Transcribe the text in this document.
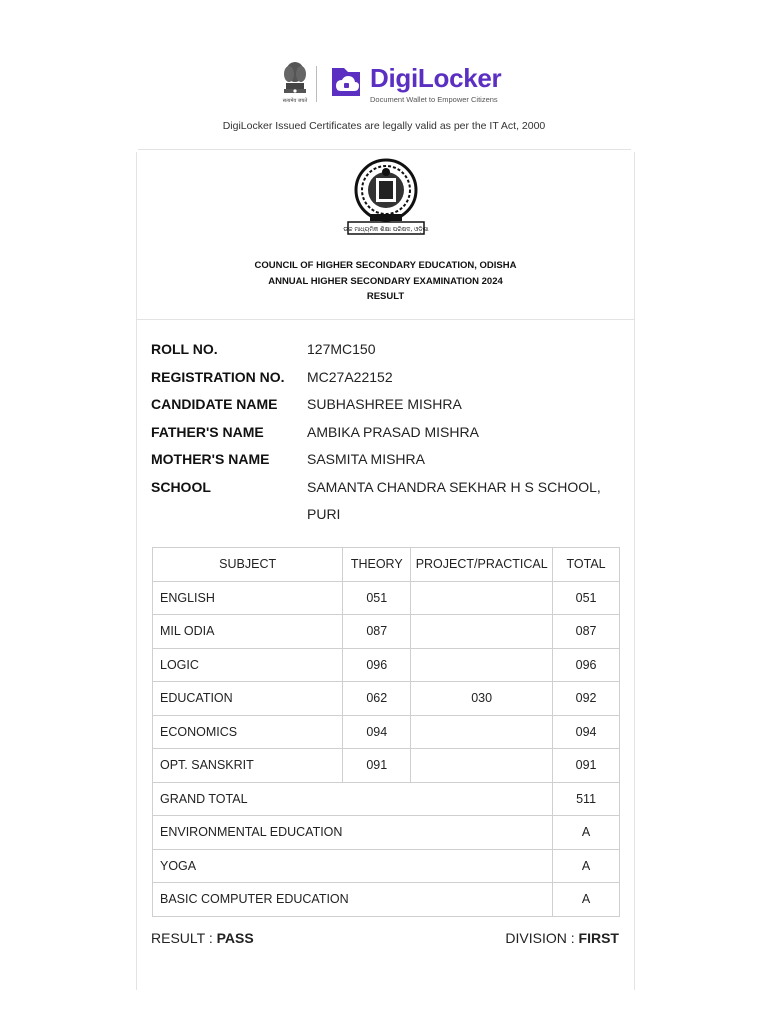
सत्यमेव जयते
DigiLocker
Document Wallet to Empower Citizens
DigiLocker Issued Certificates are legally valid as per the IT Act, 2000
ଉଚ୍ଚ ମାଧ୍ୟମିକ ଶିକ୍ଷା ପରିଷଦ, ଓଡ଼ିଶା
COUNCIL OF HIGHER SECONDARY EDUCATION, ODISHA
ANNUAL HIGHER SECONDARY EXAMINATION 2024
RESULT
ROLL NO.	127MC150
REGISTRATION NO.	MC27A22152
CANDIDATE NAME	SUBHASHREE MISHRA
FATHER'S NAME	AMBIKA PRASAD MISHRA
MOTHER'S NAME	SASMITA MISHRA
SCHOOL	SAMANTA CHANDRA SEKHAR H S SCHOOL, PURI
SUBJECT	THEORY	PROJECT/PRACTICAL	TOTAL
ENGLISH	051		051
MIL ODIA	087		087
LOGIC	096		096
EDUCATION	062	030	092
ECONOMICS	094		094
OPT. SANSKRIT	091		091
GRAND TOTAL			511
ENVIRONMENTAL EDUCATION			A
YOGA			A
BASIC COMPUTER EDUCATION			A
RESULT : PASS	DIVISION : FIRST
